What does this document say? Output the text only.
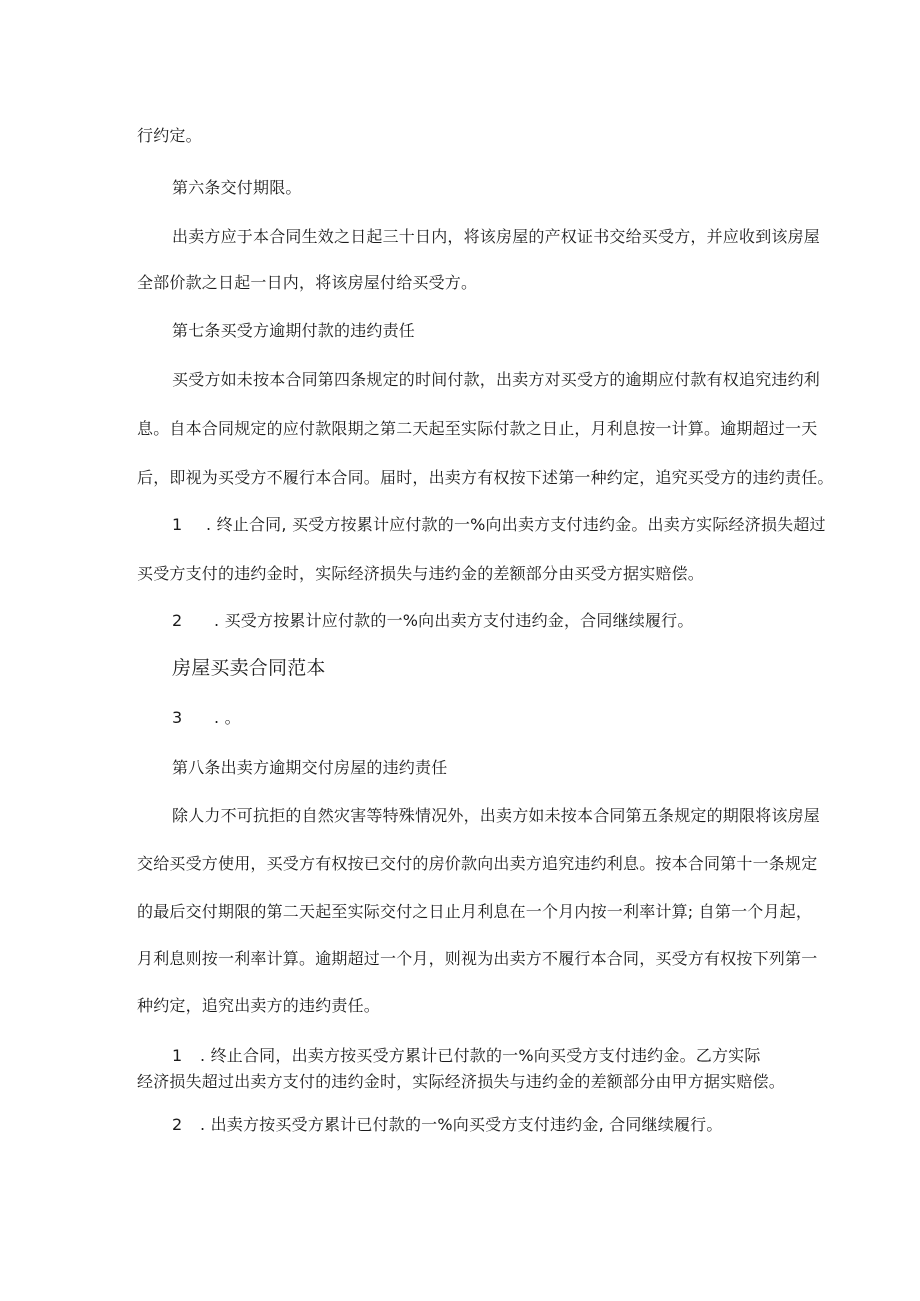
行约定。

第六条交付期限。

出卖方应于本合同生效之日起三十日内，将该房屋的产权证书交给买受方，并应收到该房屋

全部价款之日起一日内，将该房屋付给买受方。

第七条买受方逾期付款的违约责任

买受方如未按本合同第四条规定的时间付款，出卖方对买受方的逾期应付款有权追究违约利

息。自本合同规定的应付款限期之第二天起至实际付款之日止，月利息按一计算。逾期超过一天

后，即视为买受方不履行本合同。届时，出卖方有权按下述第一种约定，追究买受方的违约责任。

1 . 终止合同, 买受方按累计应付款的一%向出卖方支付违约金。出卖方实际经济损失超过

买受方支付的违约金时，实际经济损失与违约金的差额部分由买受方据实赔偿。

2 . 买受方按累计应付款的一%向出卖方支付违约金，合同继续履行。

房屋买卖合同范本

3 . 。

第八条出卖方逾期交付房屋的违约责任

除人力不可抗拒的自然灾害等特殊情况外，出卖方如未按本合同第五条规定的期限将该房屋

交给买受方使用，买受方有权按已交付的房价款向出卖方追究违约利息。按本合同第十一条规定

的最后交付期限的第二天起至实际交付之日止月利息在一个月内按一利率计算; 自第一个月起，

月利息则按一利率计算。逾期超过一个月，则视为出卖方不履行本合同，买受方有权按下列第一

种约定，追究出卖方的违约责任。

1 . 终止合同，出卖方按买受方累计已付款的一%向买受方支付违约金。乙方实际

经济损失超过出卖方支付的违约金时，实际经济损失与违约金的差额部分由甲方据实赔偿。

2 . 出卖方按买受方累计已付款的一%向买受方支付违约金, 合同继续履行。
